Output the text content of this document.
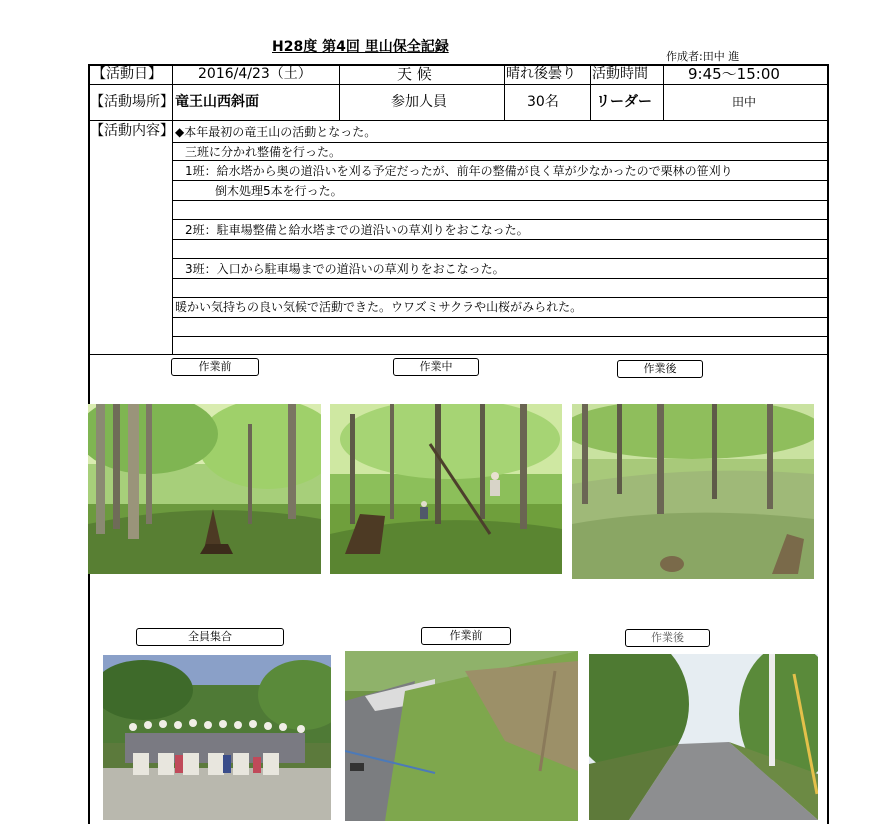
H28度 第4回 里山保全記録
作成者:田中 進
【活動日】	2016/4/23（土）	天 候	晴れ後曇り 活動時間	9:45〜15:00
【活動場所】 竜王山西斜面	参加人員	30名	リーダー	田中
【活動内容】 ◆本年最初の竜王山の活動となった。
三班に分かれ整備を行った。
1班：給水塔から奥の道沿いを刈る予定だったが、前年の整備が良く草が少なかったので栗林の笹刈り
倒木処理5本を行った。
2班：駐車場整備と給水塔までの道沿いの草刈りをおこなった。
3班：入口から駐車場までの道沿いの草刈りをおこなった。
暖かい気持ちの良い気候で活動できた。ウワズミサクラや山桜がみられた。
作業前	作業中	作業後
全員集合	作業前	作業後
